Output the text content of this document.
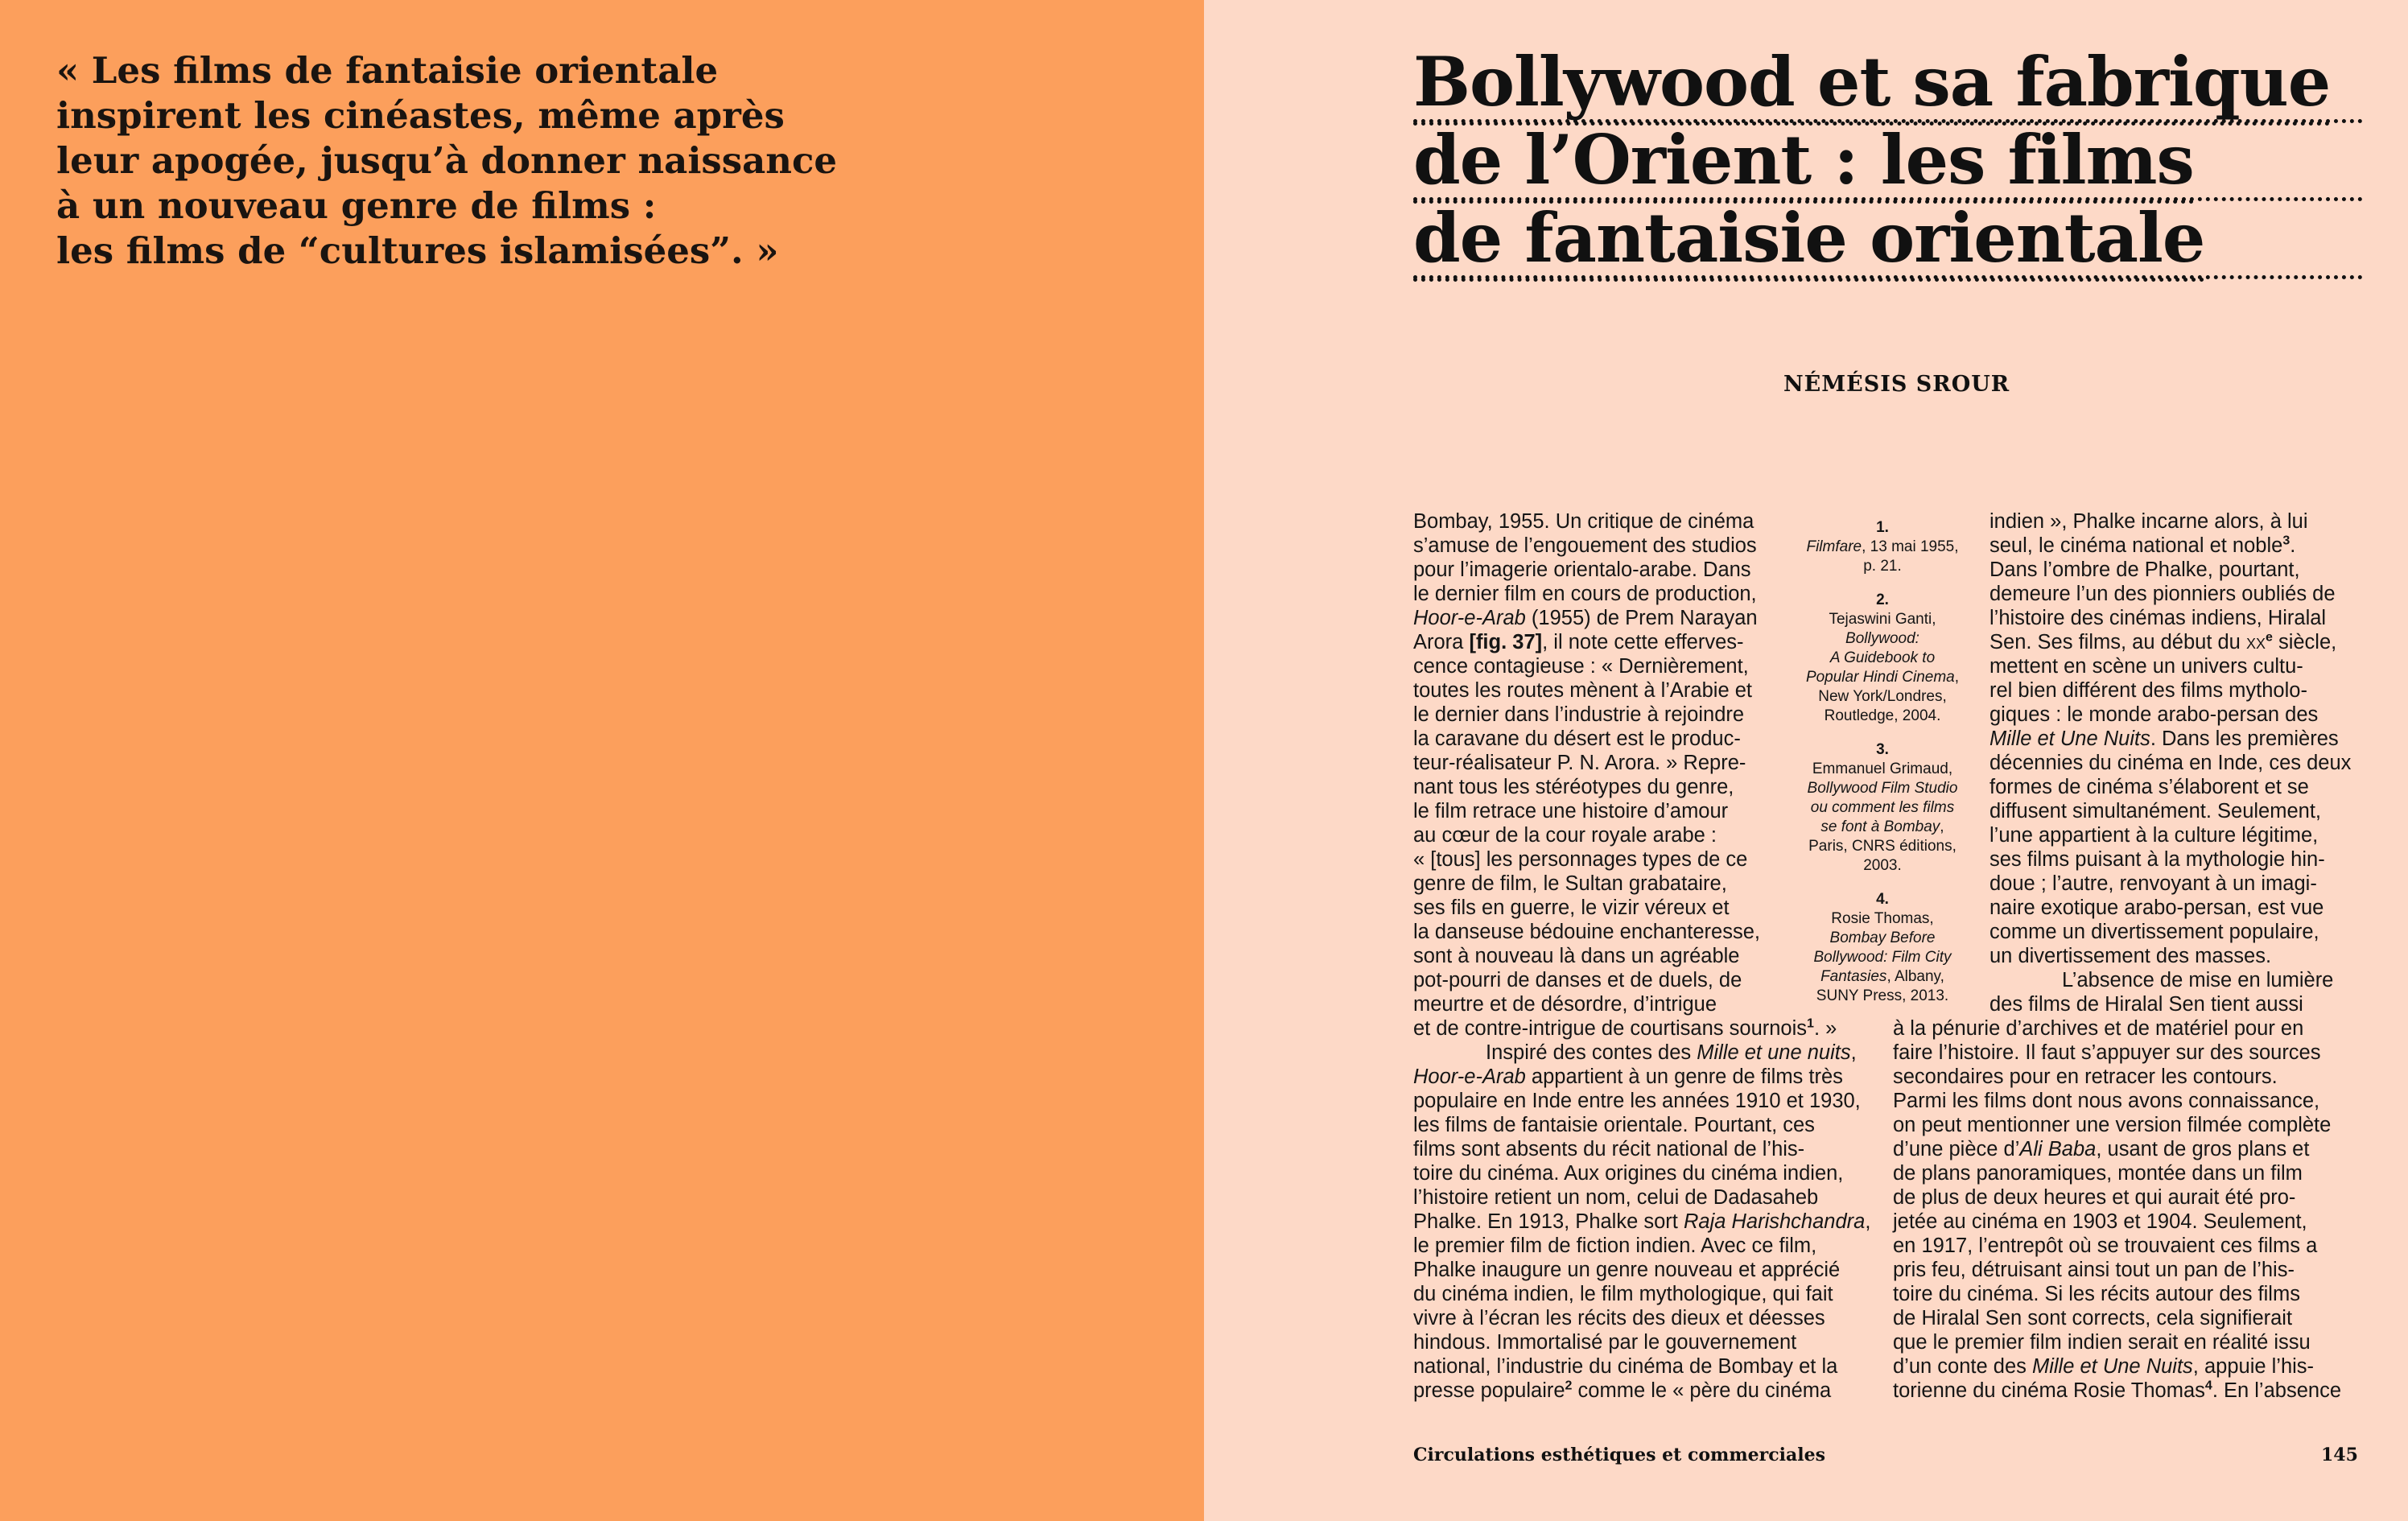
« Les films de fantaisie orientale
inspirent les cinéastes, même après
leur apogée, jusqu’à donner naissance
à un nouveau genre de films :
les films de “cultures islamisées”. »
Bollywood et sa fabrique
de l’Orient : les films
de fantaisie orientale
NÉMÉSIS SROUR
Bombay, 1955. Un critique de cinéma
s’amuse de l’engouement des studios
pour l’imagerie orientalo-arabe. Dans
le dernier film en cours de production,
Hoor-e-Arab (1955) de Prem Narayan
Arora [fig. 37], il note cette efferves-
cence contagieuse : « Dernièrement,
toutes les routes mènent à l’Arabie et
le dernier dans l’industrie à rejoindre
la caravane du désert est le produc-
teur-réalisateur P. N. Arora. » Repre-
nant tous les stéréotypes du genre,
le film retrace une histoire d’amour
au cœur de la cour royale arabe :
« [tous] les personnages types de ce
genre de film, le Sultan grabataire,
ses fils en guerre, le vizir véreux et
la danseuse bédouine enchanteresse,
sont à nouveau là dans un agréable
pot-pourri de danses et de duels, de
meurtre et de désordre, d’intrigue
et de contre-intrigue de courtisans sournois$^1$. »
Inspiré des contes des Mille et une nuits,
Hoor-e-Arab appartient à un genre de films très
populaire en Inde entre les années 1910 et 1930,
les films de fantaisie orientale. Pourtant, ces
films sont absents du récit national de l’his-
toire du cinéma. Aux origines du cinéma indien,
l’histoire retient un nom, celui de Dadasaheb
Phalke. En 1913, Phalke sort Raja Harishchandra,
le premier film de fiction indien. Avec ce film,
Phalke inaugure un genre nouveau et apprécié
du cinéma indien, le film mythologique, qui fait
vivre à l’écran les récits des dieux et déesses
hindous. Immortalisé par le gouvernement
national, l’industrie du cinéma de Bombay et la
presse populaire$^2$ comme le « père du cinéma
1.
Filmfare, 13 mai 1955,
p. 21.
2.
Tejaswini Ganti,
Bollywood:
A Guidebook to
Popular Hindi Cinema,
New York/Londres,
Routledge, 2004.
3.
Emmanuel Grimaud,
Bollywood Film Studio
ou comment les films
se font à Bombay,
Paris, CNRS éditions,
2003.
4.
Rosie Thomas,
Bombay Before
Bollywood: Film City
Fantasies, Albany,
SUNY Press, 2013.
indien », Phalke incarne alors, à lui
seul, le cinéma national et noble$^3$.
Dans l’ombre de Phalke, pourtant,
demeure l’un des pionniers oubliés de
l’histoire des cinémas indiens, Hiralal
Sen. Ses films, au début du $xx^e$ siècle,
mettent en scène un univers cultu-
rel bien différent des films mytholo-
giques : le monde arabo-persan des
Mille et Une Nuits. Dans les premières
décennies du cinéma en Inde, ces deux
formes de cinéma s’élaborent et se
diffusent simultanément. Seulement,
l’une appartient à la culture légitime,
ses films puisant à la mythologie hin-
doue ; l’autre, renvoyant à un imagi-
naire exotique arabo-persan, est vue
comme un divertissement populaire,
un divertissement des masses.
L’absence de mise en lumière
des films de Hiralal Sen tient aussi
à la pénurie d’archives et de matériel pour en
faire l’histoire. Il faut s’appuyer sur des sources
secondaires pour en retracer les contours.
Parmi les films dont nous avons connaissance,
on peut mentionner une version filmée complète
d’une pièce d’Ali Baba, usant de gros plans et
de plans panoramiques, montée dans un film
de plus de deux heures et qui aurait été pro-
jetée au cinéma en 1903 et 1904. Seulement,
en 1917, l’entrepôt où se trouvaient ces films a
pris feu, détruisant ainsi tout un pan de l’his-
toire du cinéma. Si les récits autour des films
de Hiralal Sen sont corrects, cela signifierait
que le premier film indien serait en réalité issu
d’un conte des Mille et Une Nuits, appuie l’his-
torienne du cinéma Rosie Thomas$^4$. En l’absence
Circulations esthétiques et commerciales	145
